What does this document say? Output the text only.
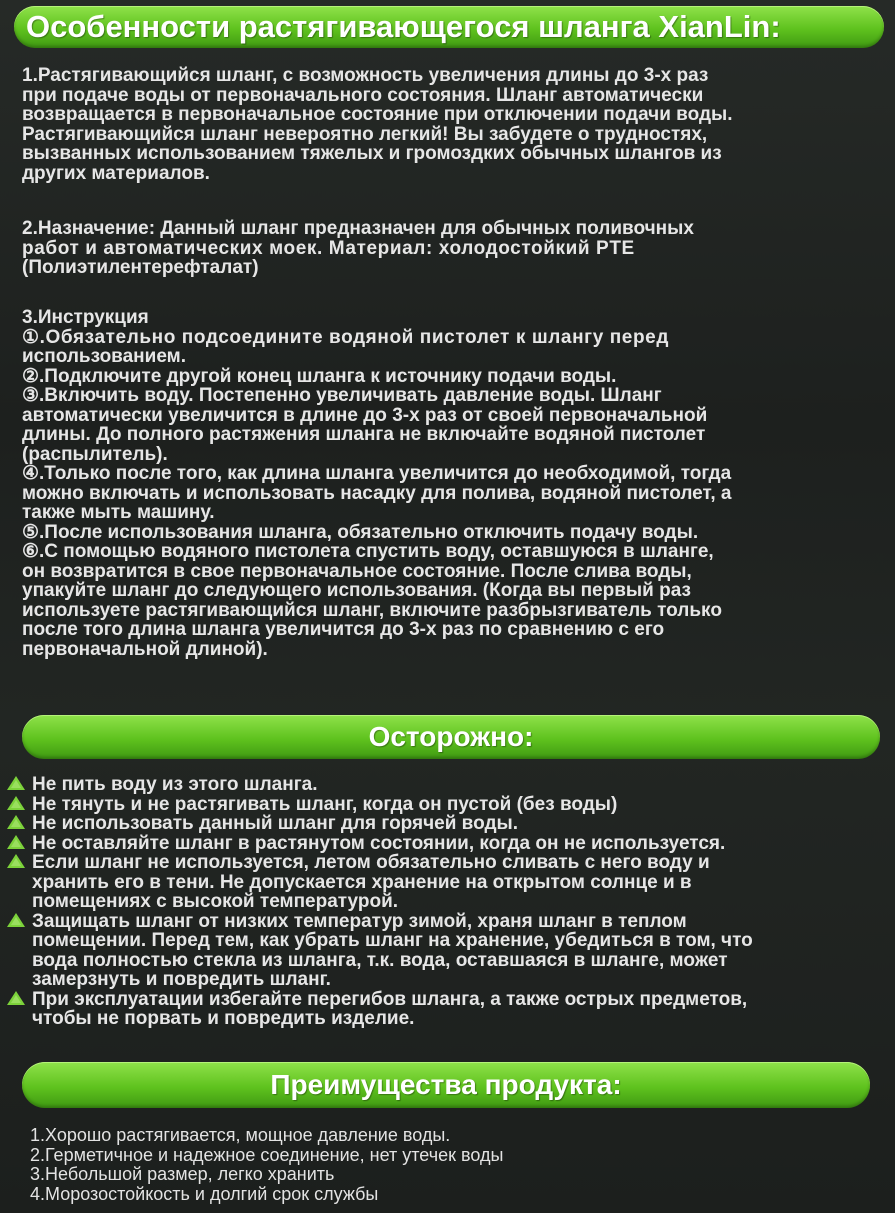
Особенности растягивающегося шланга XianLin:
1.Растягивающийся шланг, с возможность увеличения длины до 3-х раз
при подаче воды от первоначального состояния. Шланг автоматически
возвращается в первоначальное состояние при отключении подачи воды.
Растягивающийся шланг невероятно легкий! Вы забудете о трудностях,
вызванных использованием тяжелых и громоздких обычных шлангов из
других материалов.
2.Назначение: Данный шланг предназначен для обычных поливочных
работ и автоматических моек. Материал: холодостойкий PTE
(Полиэтилентерефталат)
3.Инструкция
①.Обязательно подсоедините водяной пистолет к шлангу перед
использованием.
②.Подключите другой конец шланга к источнику подачи воды.
③.Включить воду. Постепенно увеличивать давление воды. Шланг
автоматически увеличится в длине до 3-х раз от своей первоначальной
длины. До полного растяжения шланга не включайте водяной пистолет
(распылитель).
④.Только после того, как длина шланга увеличится до необходимой, тогда
можно включать и использовать насадку для полива, водяной пистолет, а
также мыть машину.
⑤.После использования шланга, обязательно отключить подачу воды.
⑥.С помощью водяного пистолета спустить воду, оставшуюся в шланге,
он возвратится в свое первоначальное состояние. После слива воды,
упакуйте шланг до следующего использования. (Когда вы первый раз
используете растягивающийся шланг, включите разбрызгиватель только
после того длина шланга увеличится до 3-х раз по сравнению с его
первоначальной длиной).
Осторожно:
Не пить воду из этого шланга.
Не тянуть и не растягивать шланг, когда он пустой (без воды)
Не использовать данный шланг для горячей воды.
Не оставляйте шланг в растянутом состоянии, когда он не используется.
Если шланг не используется, летом обязательно сливать с него воду и
хранить его в тени. Не допускается хранение на открытом солнце и в
помещениях с высокой температурой.
Защищать шланг от низких температур зимой, храня шланг в теплом
помещении. Перед тем, как убрать шланг на хранение, убедиться в том, что
вода полностью стекла из шланга, т.к. вода, оставшаяся в шланге, может
замерзнуть и повредить шланг.
При эксплуатации избегайте перегибов шланга, а также острых предметов,
чтобы не порвать и повредить изделие.
Преимущества продукта:
1.Хорошо растягивается, мощное давление воды.
2.Герметичное и надежное соединение, нет утечек воды
3.Небольшой размер, легко хранить
4.Морозостойкость и долгий срок службы
